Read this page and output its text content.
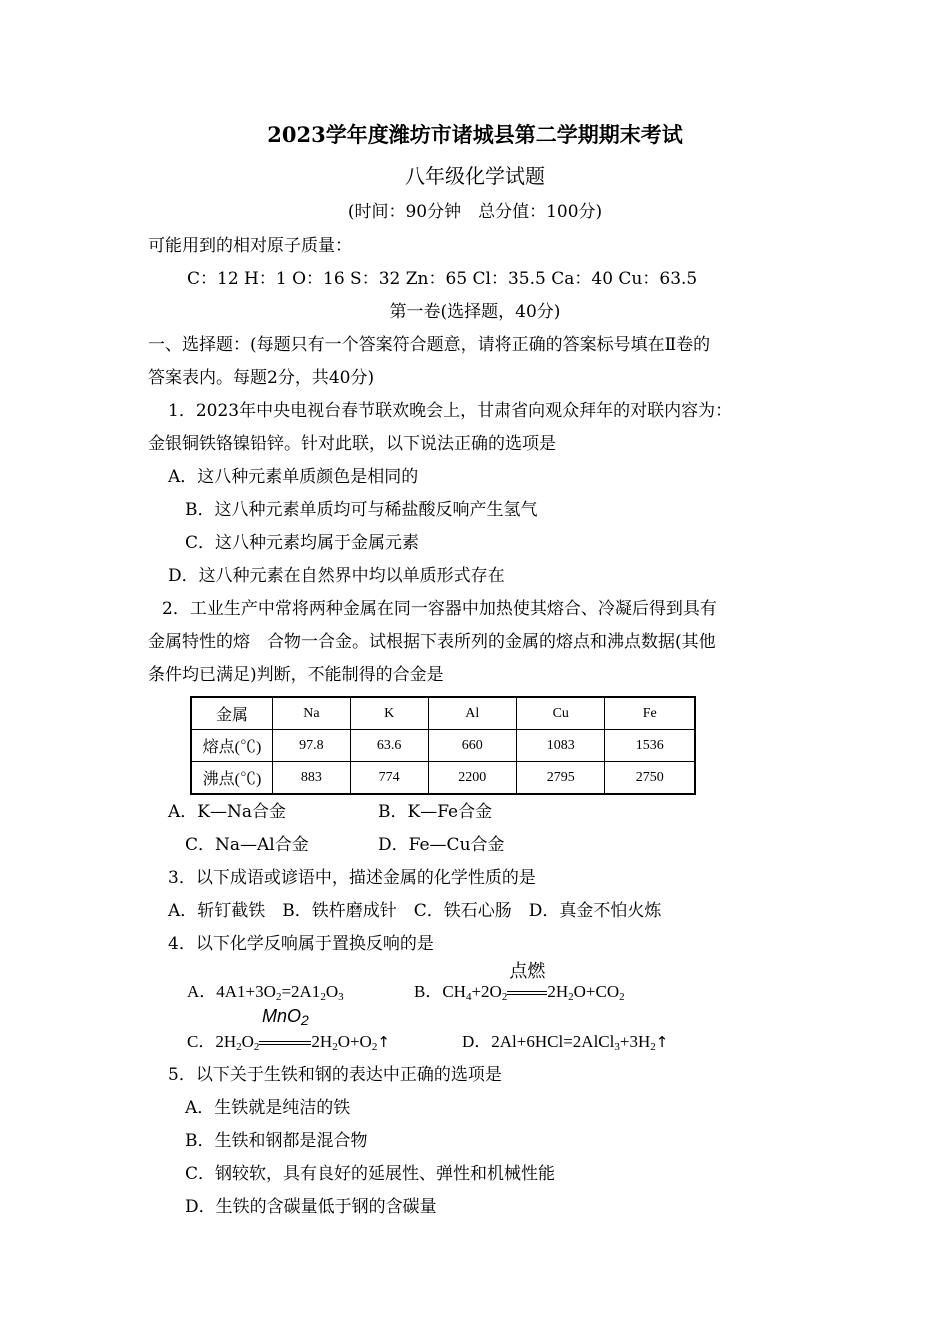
2023学年度潍坊市诸城县第二学期期末考试
八年级化学试题
(时间：90分钟　总分值：100分)
可能用到的相对原子质量：
C：12 H：1 O：16 S：32 Zn：65 Cl：35.5 Ca：40 Cu：63.5
第一卷(选择题，40分)
一、选择题：(每题只有一个答案符合题意，请将正确的答案标号填在Ⅱ卷的
答案表内。每题2分，共40分)
1．2023年中央电视台春节联欢晚会上，甘肃省向观众拜年的对联内容为：
金银铜铁铬镍铅锌。针对此联，以下说法正确的选项是
A．这八种元素单质颜色是相同的
B．这八种元素单质均可与稀盐酸反响产生氢气
C．这八种元素均属于金属元素
D．这八种元素在自然界中均以单质形式存在
2．工业生产中常将两种金属在同一容器中加热使其熔合、冷凝后得到具有
金属特性的熔　合物一合金。试根据下表所列的金属的熔点和沸点数据(其他
条件均已满足)判断，不能制得的合金是
金属	Na	K	Al	Cu	Fe
熔点(℃)	97.8	63.6	660	1083	1536
沸点(℃)	883	774	2200	2795	2750
A．K—Na合金	B．K—Fe合金
C．Na—Al合金	D．Fe—Cu合金
3．以下成语或谚语中，描述金属的化学性质的是
A．斩钉截铁　B．铁杵磨成针　C．铁石心肠　D．真金不怕火炼
4．以下化学反响属于置换反响的是
A．$4A1+3O_2=2A1_2O_3$	B．$CH_4+2O_2$
点燃
$2H_2O+CO_2$
C．$2H_2O_2$
MnO$_2$
$2H_2O+O_2↑$	D．$2Al+6HCl=2AlCl_3+3H_2↑$
5．以下关于生铁和钢的表达中正确的选项是
A．生铁就是纯洁的铁
B．生铁和钢都是混合物
C．钢较软，具有良好的延展性、弹性和机械性能
D．生铁的含碳量低于钢的含碳量
